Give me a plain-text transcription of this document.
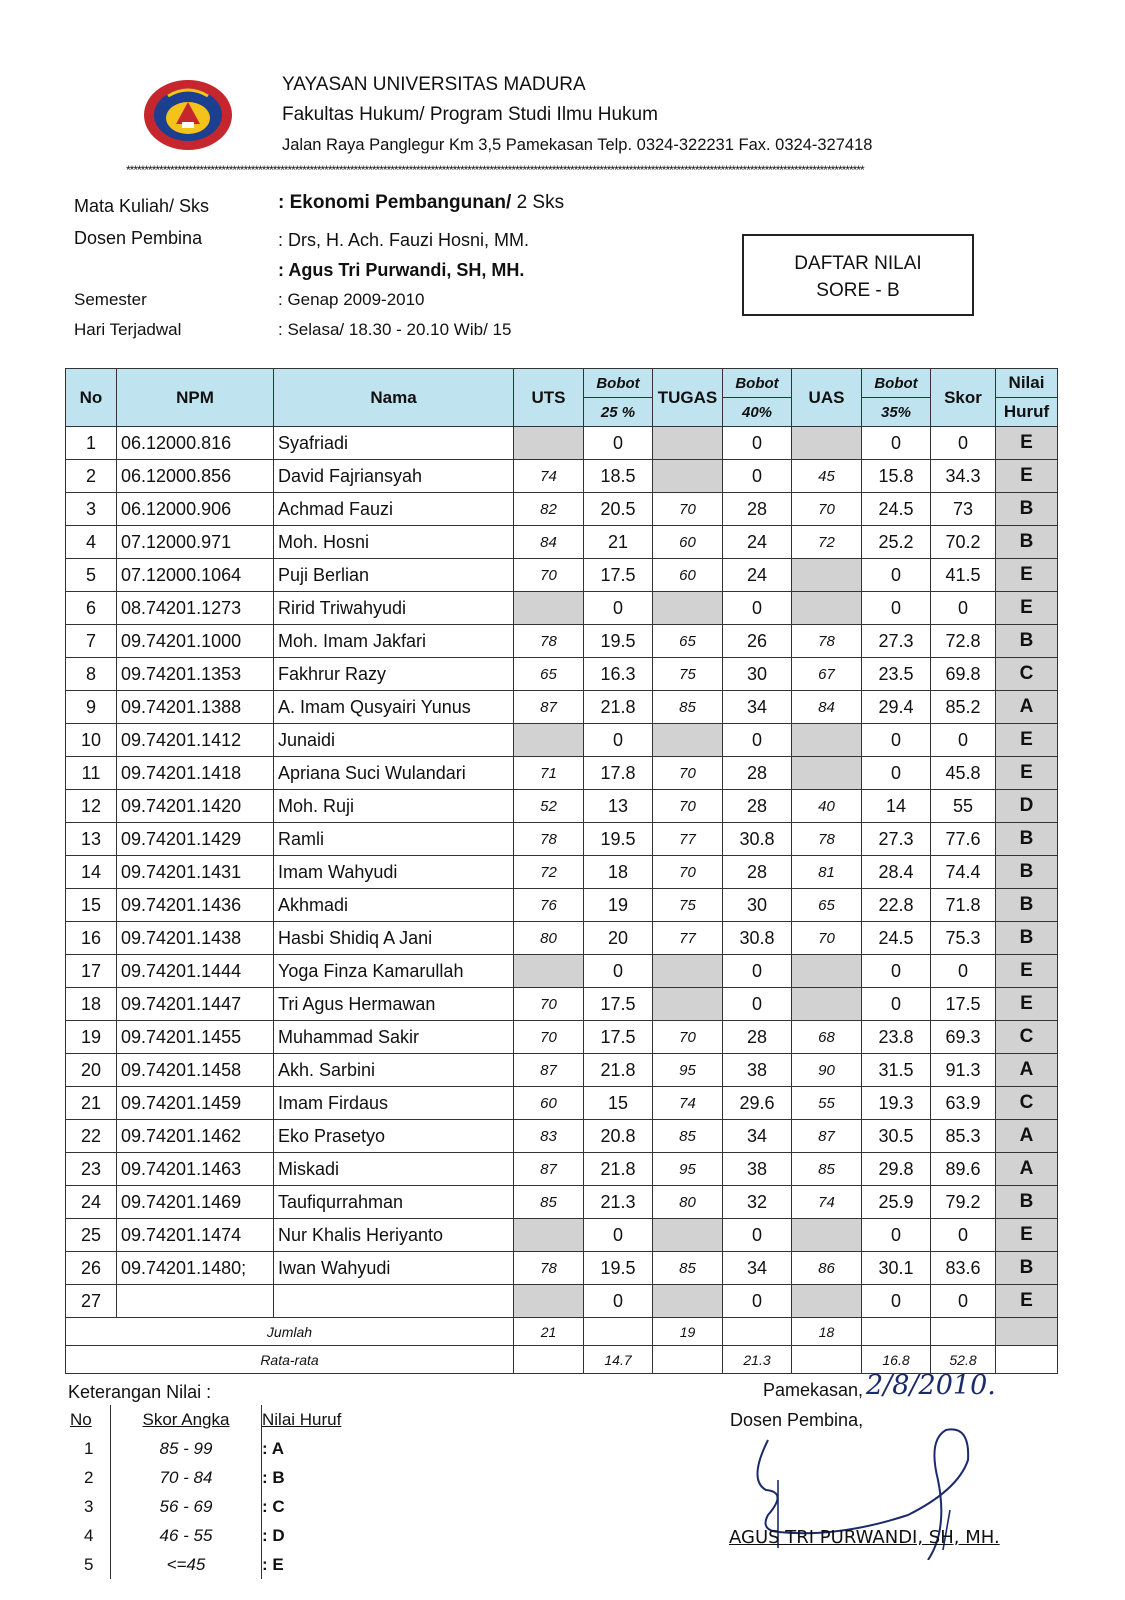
YAYASAN UNIVERSITAS MADURA
Fakultas Hukum/ Program Studi Ilmu Hukum
Jalan Raya Panglegur Km 3,5 Pamekasan Telp. 0324-322231 Fax. 0324-327418
*********************************************************************************************************************************************************************************************************
Mata Kuliah/ Sks	: Ekonomi Pembangunan/ 2 Sks
Dosen Pembina	: Drs, H. Ach. Fauzi Hosni, MM.
: Agus Tri Purwandi, SH, MH.
Semester	: Genap 2009-2010
Hari Terjadwal	: Selasa/ 18.30 - 20.10 Wib/ 15
DAFTAR NILAI
SORE - B
No	NPM	Nama	UTS	Bobot	TUGAS	Bobot	UAS	Bobot	Skor	Nilai
				25 %		40%		35%		Huruf
1	06.12000.816	Syafriadi		0		0		0	0	E
2	06.12000.856	David Fajriansyah	74	18.5		0	45	15.8	34.3	E
3	06.12000.906	Achmad Fauzi	82	20.5	70	28	70	24.5	73	B
4	07.12000.971	Moh. Hosni	84	21	60	24	72	25.2	70.2	B
5	07.12000.1064	Puji Berlian	70	17.5	60	24		0	41.5	E
6	08.74201.1273	Ririd Triwahyudi		0		0		0	0	E
7	09.74201.1000	Moh. Imam Jakfari	78	19.5	65	26	78	27.3	72.8	B
8	09.74201.1353	Fakhrur Razy	65	16.3	75	30	67	23.5	69.8	C
9	09.74201.1388	A. Imam Qusyairi Yunus	87	21.8	85	34	84	29.4	85.2	A
10	09.74201.1412	Junaidi		0		0		0	0	E
11	09.74201.1418	Apriana Suci Wulandari	71	17.8	70	28		0	45.8	E
12	09.74201.1420	Moh. Ruji	52	13	70	28	40	14	55	D
13	09.74201.1429	Ramli	78	19.5	77	30.8	78	27.3	77.6	B
14	09.74201.1431	Imam Wahyudi	72	18	70	28	81	28.4	74.4	B
15	09.74201.1436	Akhmadi	76	19	75	30	65	22.8	71.8	B
16	09.74201.1438	Hasbi Shidiq A Jani	80	20	77	30.8	70	24.5	75.3	B
17	09.74201.1444	Yoga Finza Kamarullah		0		0		0	0	E
18	09.74201.1447	Tri Agus Hermawan	70	17.5		0		0	17.5	E
19	09.74201.1455	Muhammad Sakir	70	17.5	70	28	68	23.8	69.3	C
20	09.74201.1458	Akh. Sarbini	87	21.8	95	38	90	31.5	91.3	A
21	09.74201.1459	Imam Firdaus	60	15	74	29.6	55	19.3	63.9	C
22	09.74201.1462	Eko Prasetyo	83	20.8	85	34	87	30.5	85.3	A
23	09.74201.1463	Miskadi	87	21.8	95	38	85	29.8	89.6	A
24	09.74201.1469	Taufiqurrahman	85	21.3	80	32	74	25.9	79.2	B
25	09.74201.1474	Nur Khalis Heriyanto		0		0		0	0	E
26	09.74201.1480;	Iwan Wahyudi	78	19.5	85	34	86	30.1	83.6	B
27				0		0		0	0	E
Jumlah			21		19		18			
Rata-rata				14.7		21.3		16.8	52.8	
Keterangan Nilai :
No	Skor Angka	Nilai Huruf
1	85 - 99	: A
2	70 - 84	: B
3	56 - 69	: C
4	46 - 55	: D
5	<=45	: E
Pamekasan, 2/8/2010.
Dosen Pembina,
AGUS TRI PURWANDI, SH, MH.
